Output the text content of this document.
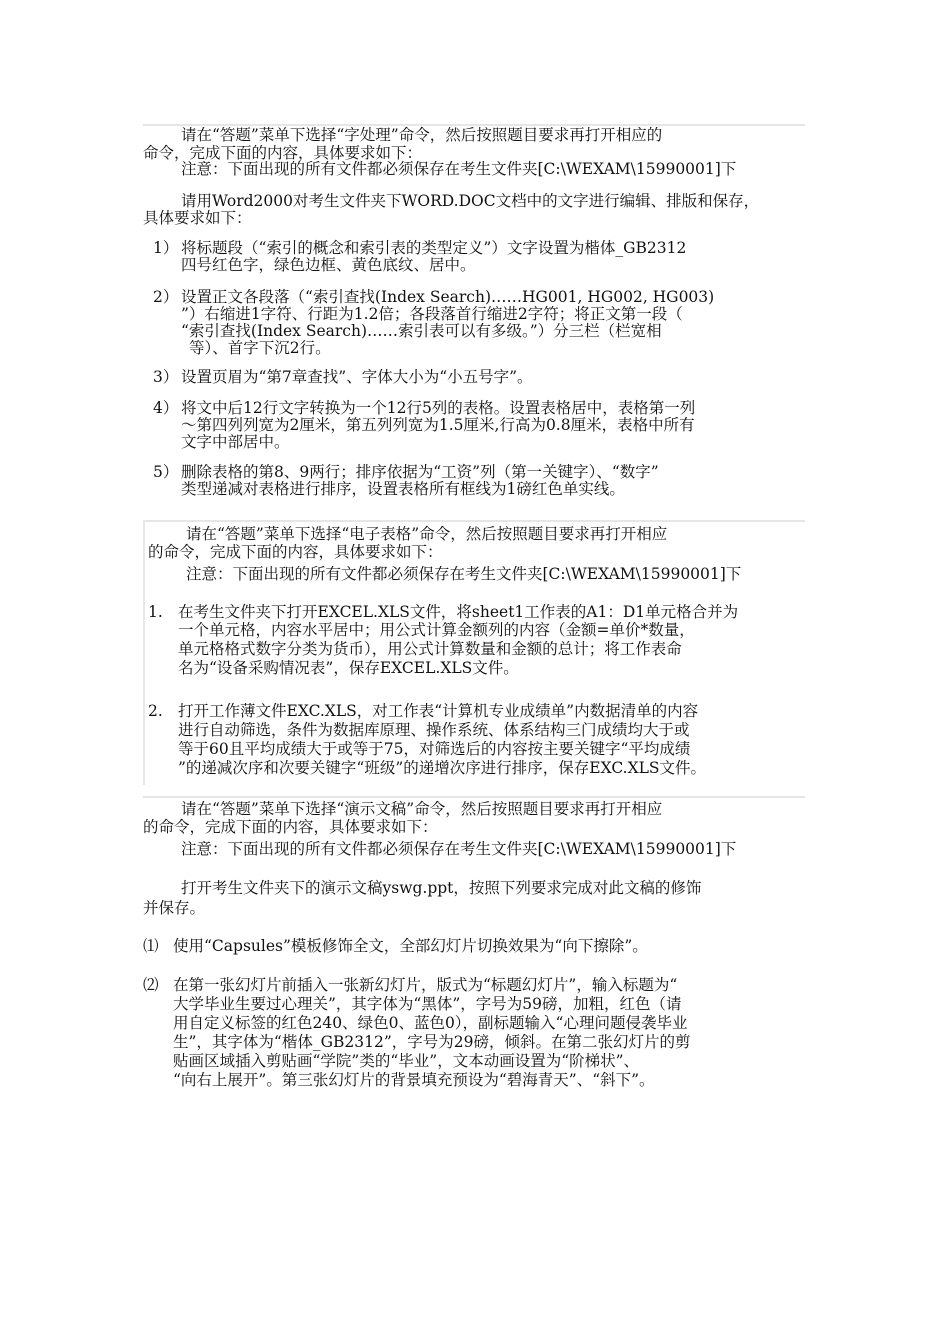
请在“答题”菜单下选择“字处理”命令，然后按照题目要求再打开相应的
命令，完成下面的内容，具体要求如下：
注意：下面出现的所有文件都必须保存在考生文件夹[C:\WEXAM\15990001]下
请用Word2000对考生文件夹下WORD.DOC文档中的文字进行编辑、排版和保存，
具体要求如下：
1） 将标题段（“索引的概念和索引表的类型定义”）文字设置为楷体_GB2312
四号红色字，绿色边框、黄色底纹、居中。
2） 设置正文各段落（“索引查找(Index Search)……HG001, HG002, HG003)
”）右缩进1字符、行距为1.2倍；各段落首行缩进2字符；将正文第一段（
“索引查找(Index Search)……索引表可以有多级。”）分三栏（栏宽相
等）、首字下沉2行。
3） 设置页眉为“第7章查找”、字体大小为“小五号字”。
4） 将文中后12行文字转换为一个12行5列的表格。设置表格居中，表格第一列
～第四列列宽为2厘米，第五列列宽为1.5厘米,行高为0.8厘米，表格中所有
文字中部居中。
5） 删除表格的第8、9两行；排序依据为“工资”列（第一关键字）、“数字”
类型递减对表格进行排序，设置表格所有框线为1磅红色单实线。
请在“答题”菜单下选择“电子表格”命令，然后按照题目要求再打开相应
的命令，完成下面的内容，具体要求如下：
注意：下面出现的所有文件都必须保存在考生文件夹[C:\WEXAM\15990001]下
1. 在考生文件夹下打开EXCEL.XLS文件，将sheet1工作表的A1：D1单元格合并为
一个单元格，内容水平居中；用公式计算金额列的内容（金额=单价*数量，
单元格格式数字分类为货币），用公式计算数量和金额的总计；将工作表命
名为“设备采购情况表”，保存EXCEL.XLS文件。
2. 打开工作薄文件EXC.XLS，对工作表“计算机专业成绩单”内数据清单的内容
进行自动筛选，条件为数据库原理、操作系统、体系结构三门成绩均大于或
等于60且平均成绩大于或等于75，对筛选后的内容按主要关键字“平均成绩
”的递减次序和次要关键字“班级”的递增次序进行排序，保存EXC.XLS文件。
请在“答题”菜单下选择“演示文稿”命令，然后按照题目要求再打开相应
的命令，完成下面的内容，具体要求如下：
注意：下面出现的所有文件都必须保存在考生文件夹[C:\WEXAM\15990001]下
打开考生文件夹下的演示文稿yswg.ppt，按照下列要求完成对此文稿的修饰
并保存。
⑴ 使用“Capsules”模板修饰全文，全部幻灯片切换效果为“向下擦除”。
⑵ 在第一张幻灯片前插入一张新幻灯片，版式为“标题幻灯片”，输入标题为“
大学毕业生要过心理关”，其字体为“黑体”，字号为59磅，加粗，红色（请
用自定义标签的红色240、绿色0、蓝色0），副标题输入“心理问题侵袭毕业
生”，其字体为“楷体_GB2312”，字号为29磅，倾斜。在第二张幻灯片的剪
贴画区域插入剪贴画“学院”类的“毕业”，文本动画设置为“阶梯状”、
“向右上展开”。第三张幻灯片的背景填充预设为“碧海青天”、“斜下”。
